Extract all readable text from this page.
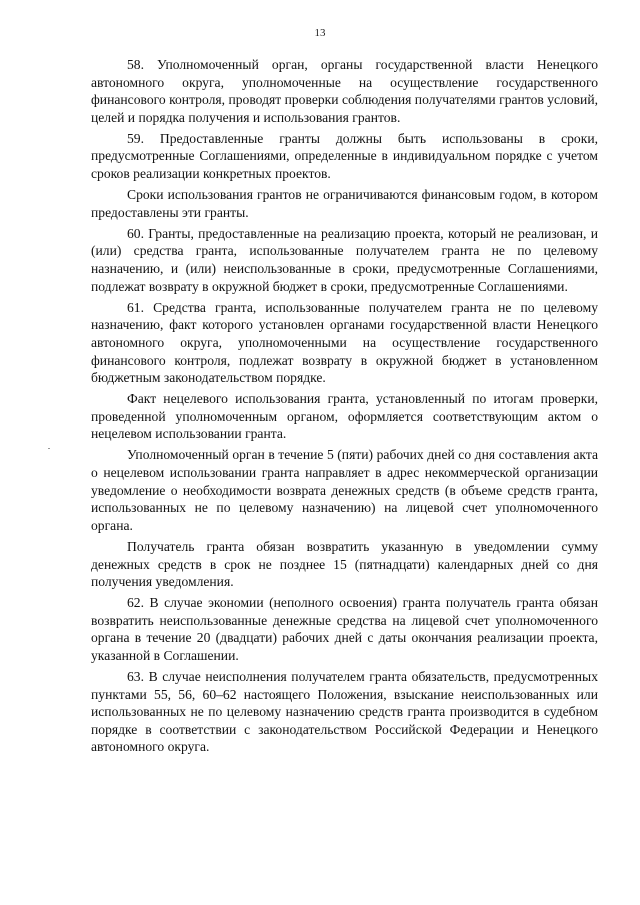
13

58. Уполномоченный орган, органы государственной власти Ненецкого автономного округа, уполномоченные на осуществление государственного финансового контроля, проводят проверки соблюдения получателями грантов условий, целей и порядка получения и использования грантов.

59. Предоставленные гранты должны быть использованы в сроки, предусмотренные Соглашениями, определенные в индивидуальном порядке с учетом сроков реализации конкретных проектов.

Сроки использования грантов не ограничиваются финансовым годом, в котором предоставлены эти гранты.

60. Гранты, предоставленные на реализацию проекта, который не реализован, и (или) средства гранта, использованные получателем гранта не по целевому назначению, и (или) неиспользованные в сроки, предусмотренные Соглашениями, подлежат возврату в окружной бюджет в сроки, предусмотренные Соглашениями.

61. Средства гранта, использованные получателем гранта не по целевому назначению, факт которого установлен органами государственной власти Ненецкого автономного округа, уполномоченными на осуществление государственного финансового контроля, подлежат возврату в окружной бюджет в установленном бюджетным законодательством порядке.

Факт нецелевого использования гранта, установленный по итогам проверки, проведенной уполномоченным органом, оформляется соответствующим актом о нецелевом использовании гранта.

Уполномоченный орган в течение 5 (пяти) рабочих дней со дня составления акта о нецелевом использовании гранта направляет в адрес некоммерческой организации уведомление о необходимости возврата денежных средств (в объеме средств гранта, использованных не по целевому назначению) на лицевой счет уполномоченного органа.

Получатель гранта обязан возвратить указанную в уведомлении сумму денежных средств в срок не позднее 15 (пятнадцати) календарных дней со дня получения уведомления.

62. В случае экономии (неполного освоения) гранта получатель гранта обязан возвратить неиспользованные денежные средства на лицевой счет уполномоченного органа в течение 20 (двадцати) рабочих дней с даты окончания реализации проекта, указанной в Соглашении.

63. В случае неисполнения получателем гранта обязательств, предусмотренных пунктами 55, 56, 60–62 настоящего Положения, взыскание неиспользованных или использованных не по целевому назначению средств гранта производится в судебном порядке в соответствии с законодательством Российской Федерации и Ненецкого автономного округа.
